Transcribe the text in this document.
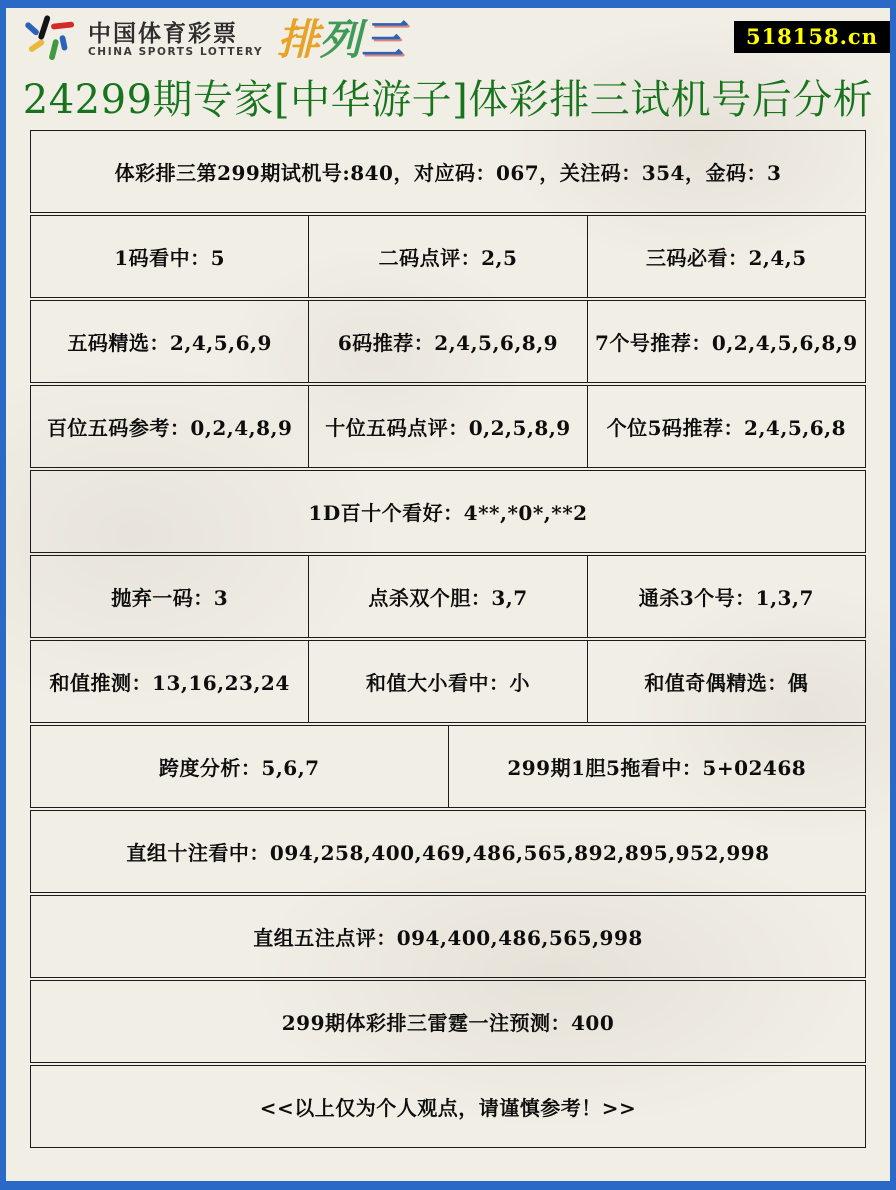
中国体育彩票
CHINA SPORTS LOTTERY 排 列 三	518158.cn
24299期专家[中华游子]体彩排三试机号后分析
体彩排三第299期试机号:840，对应码：067，关注码：354，金码：3
1码看中：5	二码点评：2,5	三码必看：2,4,5
五码精选：2,4,5,6,9	6码推荐：2,4,5,6,8,9	7个号推荐：0,2,4,5,6,8,9
百位五码参考：0,2,4,8,9	十位五码点评：0,2,5,8,9	个位5码推荐：2,4,5,6,8
1D百十个看好：4**,*0*,**2
抛弃一码：3	点杀双个胆：3,7	通杀3个号：1,3,7
和值推测：13,16,23,24	和值大小看中：小	和值奇偶精选：偶
跨度分析：5,6,7	299期1胆5拖看中：5+02468
直组十注看中：094,258,400,469,486,565,892,895,952,998
直组五注点评：094,400,486,565,998
299期体彩排三雷霆一注预测：400
<<以上仅为个人观点，请谨慎参考！>>
